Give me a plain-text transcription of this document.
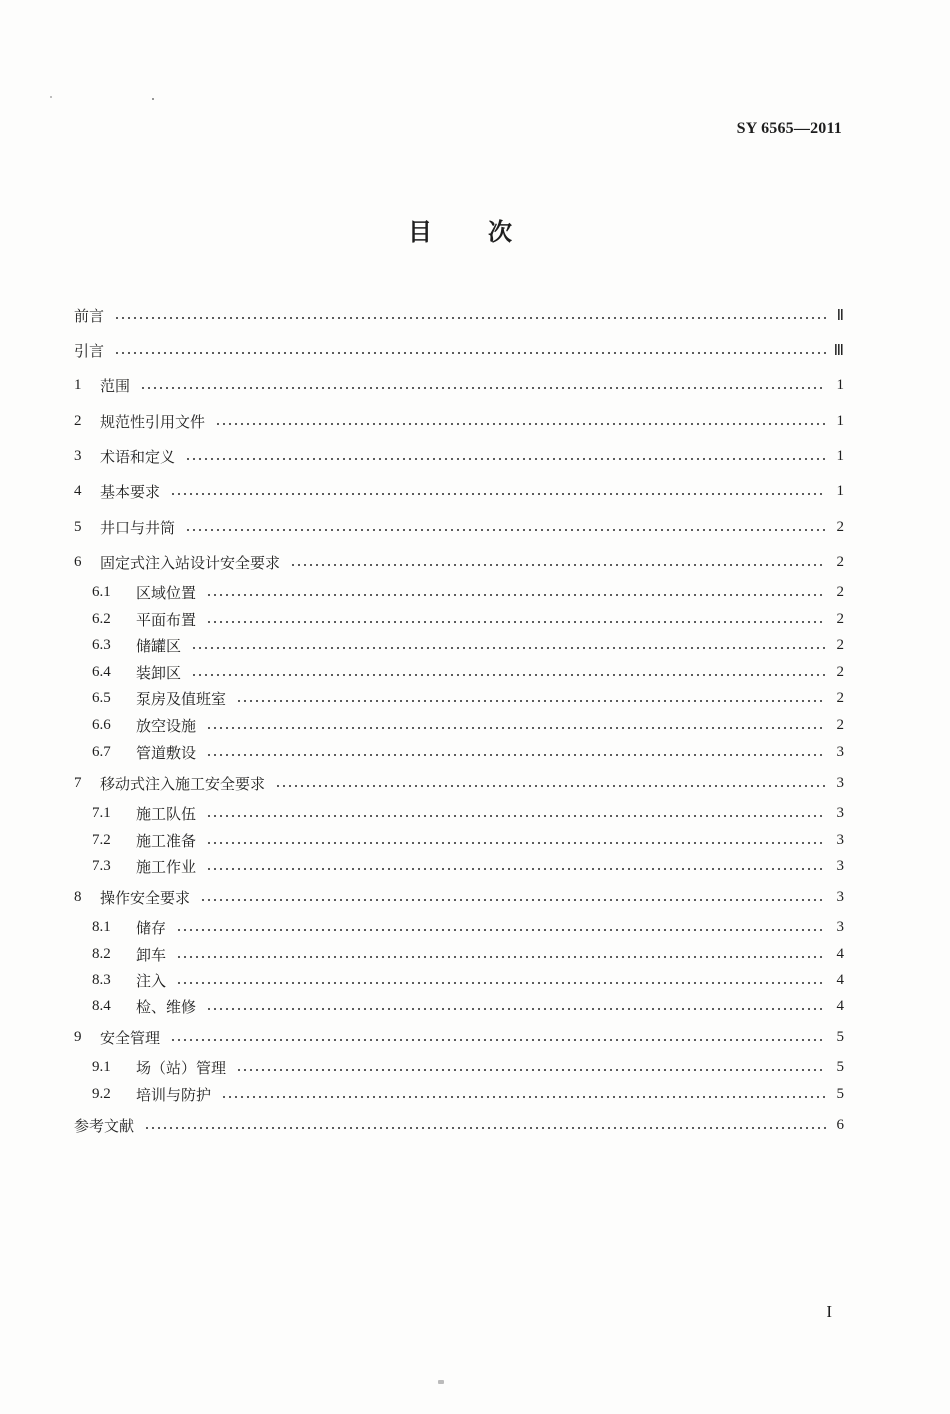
SY 6565—2011
目 次
前言	Ⅱ
引言	Ⅲ
1	范围	1
2	规范性引用文件	1
3	术语和定义	1
4	基本要求	1
5	井口与井筒	2
6	固定式注入站设计安全要求	2
6.1	区域位置	2
6.2	平面布置	2
6.3	储罐区	2
6.4	装卸区	2
6.5	泵房及值班室	2
6.6	放空设施	2
6.7	管道敷设	3
7	移动式注入施工安全要求	3
7.1	施工队伍	3
7.2	施工准备	3
7.3	施工作业	3
8	操作安全要求	3
8.1	储存	3
8.2	卸车	4
8.3	注入	4
8.4	检、维修	4
9	安全管理	5
9.1	场（站）管理	5
9.2	培训与防护	5
参考文献	6
I
